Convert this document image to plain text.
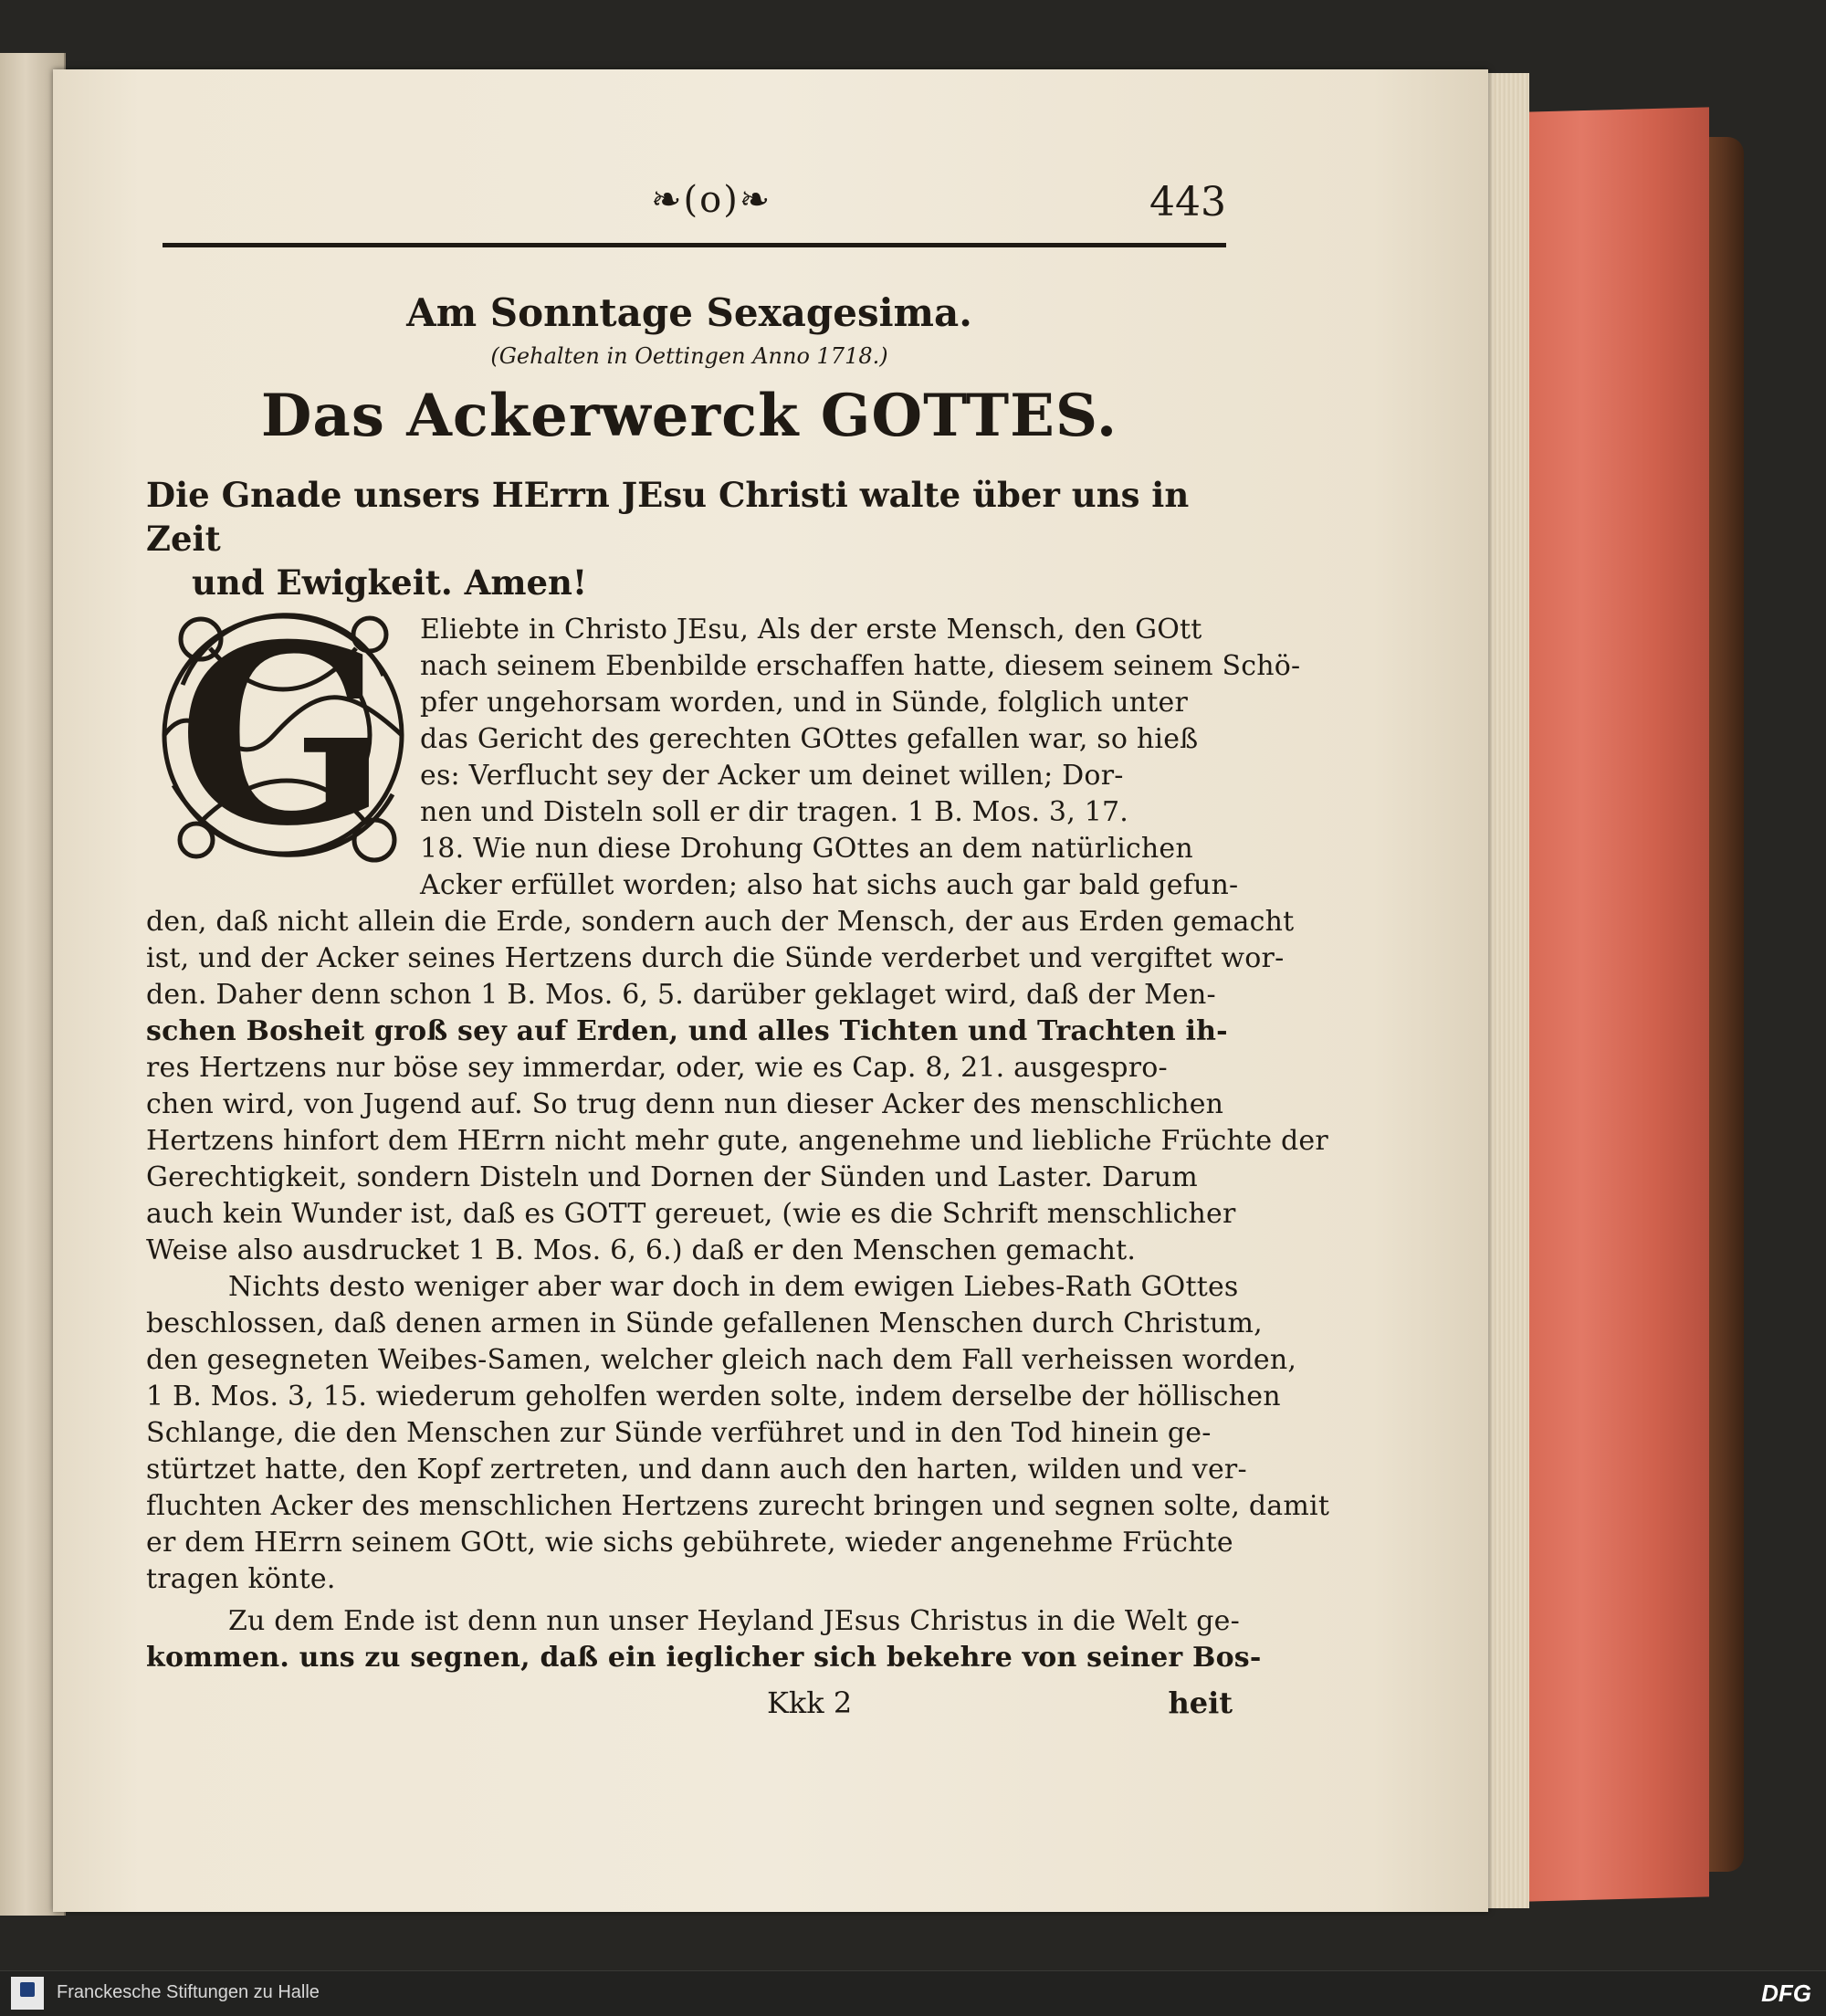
❧(o)❧	443
Am Sonntage Sexagesima.
(Gehalten in Oettingen Anno 1718.)
Das Ackerwerck GOTTES.
Die Gnade unsers HErrn JEsu Christi walte über uns in Zeit
und Ewigkeit. Amen!
G Eliebte in Christo JEsu, Als der erste Mensch, den GOtt
nach seinem Ebenbilde erschaffen hatte, diesem seinem Schö-
pfer ungehorsam worden, und in Sünde, folglich unter
das Gericht des gerechten GOttes gefallen war, so hieß
es: Verflucht sey der Acker um deinet willen; Dor-
nen und Disteln soll er dir tragen. 1 B. Mos. 3, 17.
18. Wie nun diese Drohung GOttes an dem natürlichen
Acker erfüllet worden; also hat sichs auch gar bald gefun-
den, daß nicht allein die Erde, sondern auch der Mensch, der aus Erden gemacht
ist, und der Acker seines Hertzens durch die Sünde verderbet und vergiftet wor-
den. Daher denn schon 1 B. Mos. 6, 5. darüber geklaget wird, daß der Men-
schen Bosheit groß sey auf Erden, und alles Tichten und Trachten ih-
res Hertzens nur böse sey immerdar, oder, wie es Cap. 8, 21. ausgespro-
chen wird, von Jugend auf. So trug denn nun dieser Acker des menschlichen
Hertzens hinfort dem HErrn nicht mehr gute, angenehme und liebliche Früchte der
Gerechtigkeit, sondern Disteln und Dornen der Sünden und Laster. Darum
auch kein Wunder ist, daß es GOTT gereuet, (wie es die Schrift menschlicher
Weise also ausdrucket 1 B. Mos. 6, 6.) daß er den Menschen gemacht.
Nichts desto weniger aber war doch in dem ewigen Liebes-Rath GOttes
beschlossen, daß denen armen in Sünde gefallenen Menschen durch Christum,
den gesegneten Weibes-Samen, welcher gleich nach dem Fall verheissen worden,
1 B. Mos. 3, 15. wiederum geholfen werden solte, indem derselbe der höllischen
Schlange, die den Menschen zur Sünde verführet und in den Tod hinein ge-
stürtzet hatte, den Kopf zertreten, und dann auch den harten, wilden und ver-
fluchten Acker des menschlichen Hertzens zurecht bringen und segnen solte, damit
er dem HErrn seinem GOtt, wie sichs gebührete, wieder angenehme Früchte
tragen könte.
Zu dem Ende ist denn nun unser Heyland JEsus Christus in die Welt ge-
kommen. uns zu segnen, daß ein ieglicher sich bekehre von seiner Bos-
Kkk 2	heit
Franckesche Stiftungen zu Halle	DFG
